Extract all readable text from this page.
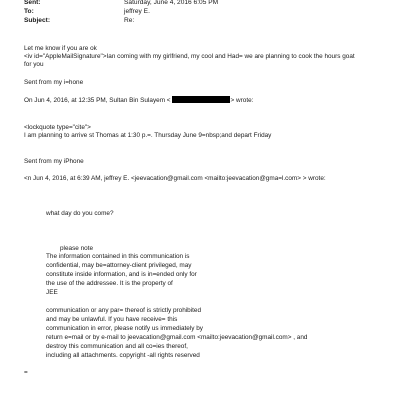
Sent:	Saturday, June 4, 2016 6:05 PM
To:	jeffrey E.
Subject:	Re:
Let me know if you are ok
<iv id="AppleMailSignature">Ian coming with my girlfriend, my cool and Had= we are planning to cook the hours goat
for you
Sent from my i=hone
On Jun 4, 2016, at 12:35 PM, Sultan Bin Sulayem <	> wrote:
<lockquote type="cite">
I am planning to arrive st Thomas at 1:30 p.=. Thursday June 9=nbsp;and depart Friday
Sent from my iPhone
<n Jun 4, 2016, at 6:39 AM, jeffrey E. <jeevacation@gmail.com <mailto:jeevacation@gma=l.com> > wrote:
what day do you come?
please note
The information contained in this communication is
confidential, may be=attorney-client privileged, may
constitute inside information, and is in=ended only for
the use of the addressee. It is the property of
JEE
communication or any par= thereof is strictly prohibited
and may be unlawful. If you have receive= this
communication in error, please notify us immediately by
return e=mail or by e-mail to jeevacation@gmail.com <mailto:jeevacation@gmail.com> , and
destroy this communication and all co=ies thereof,
including all attachments. copyright -all rights reserved
=
